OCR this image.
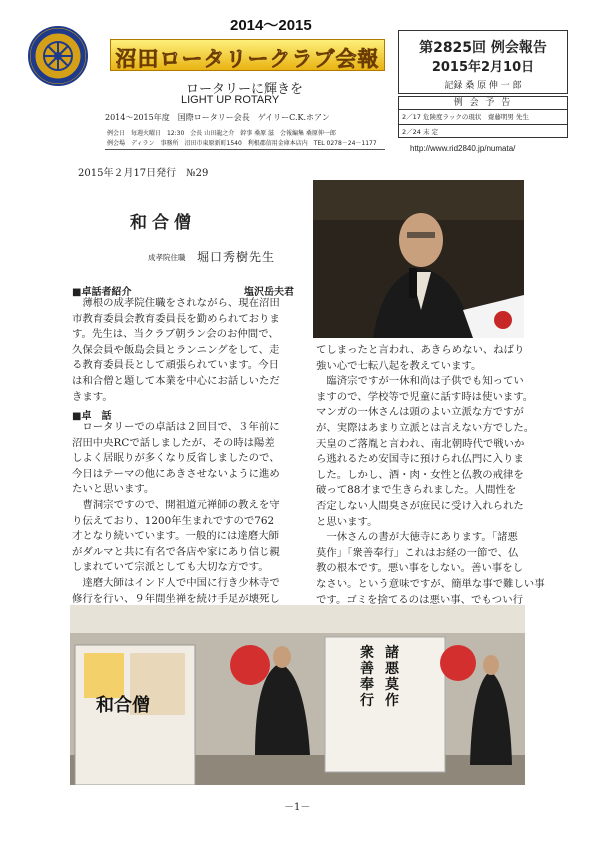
2014～2015
沼田ロータリークラブ会報
ロータリーに輝きを
LIGHT UP ROTARY
2014～2015年度　国際ロータリー会長　ゲイリーC.K.ホアン
例会日　毎週火曜日　12:30　会長 山田龍之介　幹事 桑原 滋　会報編集 桑原伸一郎
例会場　ディラン　事務所　沼田市東原新町1540　利根郡信用金庫本店内　TEL 0278－24－1177
第2825回 例会報告
2015年2月10日
記録 桑 原 伸 一 郎
例 会 予 告
2／17 危険度ラックの現状　齋藤明男 先生
2／24 未 定
http://www.rid2840.jp/numata/
2015年２月17日発行　№29
和合僧
成孝院住職 堀口秀樹先生
■卓話者紹介	塩沢岳夫君
　薄根の成孝院住職をされながら、現在沼田
市教育委員会教育委員長を勤められておりま
す。先生は、当クラブ朝ラン会のお仲間で、
久保会員や飯島会員とランニングをして、走
る教育委員長として頑張られています。今日
は和合僧と題して本業を中心にお話しいただ
きます。
■卓　話
　ロータリーでの卓話は２回目で、３年前に
沼田中央RCで話しましたが、その時は陽差
しよく居眠りが多くなり反省しましたので、
今日はテーマの他にあきさせないように進め
たいと思います。
　曹洞宗ですので、開祖道元禅師の教えを守
り伝えており、1200年生まれですので762
才となり続いています。一般的には達磨大師
がダルマと共に有名で各店や家にあり信じ親
しまれていて宗派としても大切な方です。
　達磨大師はインド人で中国に行き少林寺で
修行を行い、９年間坐禅を続け手足が壊死し
てしまったと言われ、あきらめない、ねばり
強い心で七転八起を教えています。
　臨済宗ですが一休和尚は子供でも知ってい
ますので、学校等で児童に話す時は使います。
マンガの一休さんは頭のよい立派な方ですが
が、実際はあまり立派とは言えない方でした。
天皇のご落胤と言われ、南北朝時代で戦いか
ら逃れるため安国寺に預けられ仏門に入りま
した。しかし、酒・肉・女性と仏教の戒律を
破って88才まで生きられました。人間性を
否定しない人間臭さが庶民に受け入れられた
と思います。
　一休さんの書が大徳寺にあります。「諸悪
莫作」「衆善奉行」これはお経の一節で、仏
教の根本です。悪い事をしない。善い事をし
なさい。という意味ですが、簡単な事で難しい事
です。ゴミを捨てるのは悪い事、でもつい行
和合僧
諸悪莫作
衆善奉行
－1－
